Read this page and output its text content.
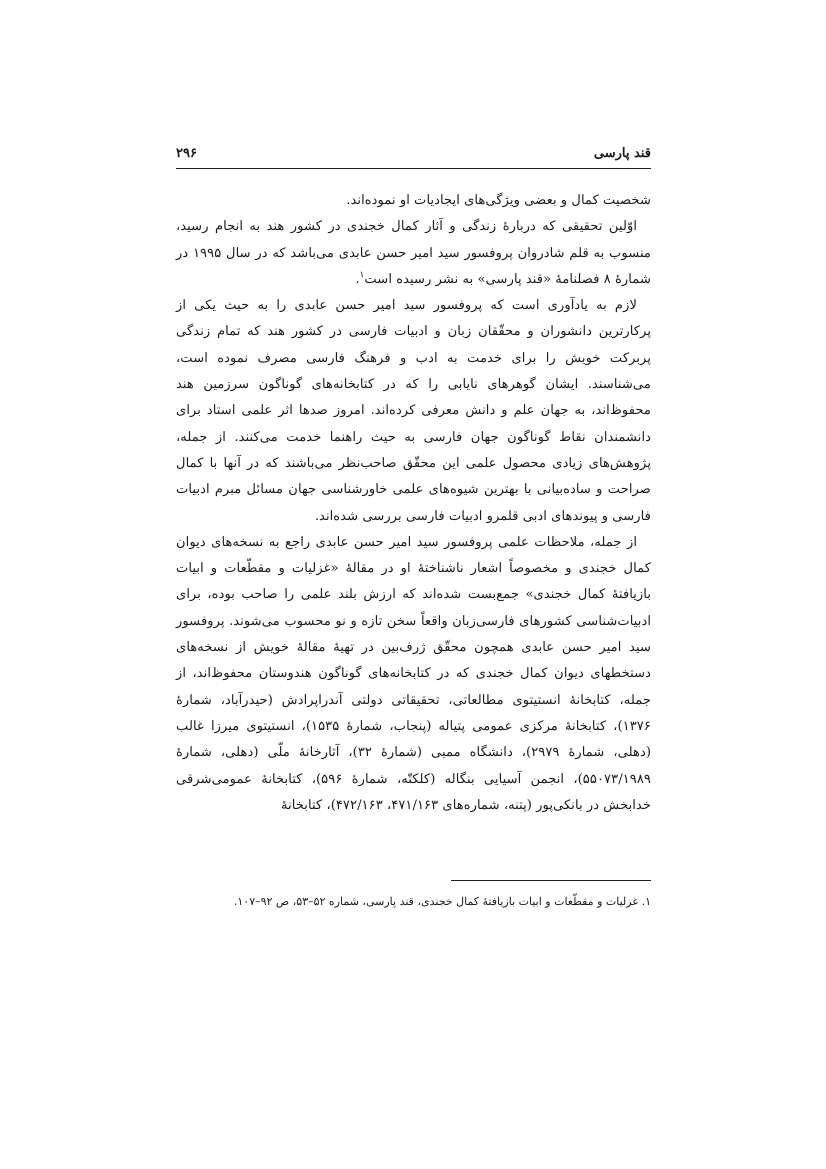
قند پارسی
۲۹۶

شخصیت کمال و بعضی ویژگی‌های ایجادیات او نموده‌اند.

اوّلین تحقیقی که دربارهٔ زندگی و آثار کمال خجندی در کشور هند به انجام رسید، منسوب به قلم شادروان پروفسور سید امیر حسن عابدی می‌باشد که در سال ۱۹۹۵ در شمارهٔ ۸ فصلنامهٔ «قند پارسی» به نشر رسیده است$^۱$.

لازم به یادآوری است که پروفسور سید امیر حسن عابدی را به حیث یکی از پرکارترین دانشوران و محقّقان زبان و ادبیات فارسی در کشور هند که تمام زندگی پربرکت خویش را برای خدمت به ادب و فرهنگ فارسی مصرف نموده است، می‌شناسند. ایشان گوهرهای نایابی را که در کتابخانه‌های گوناگون سرزمین هند محفوظ‌اند، به جهان علم و دانش معرفی کرده‌اند. امروز صدها اثر علمی استاد برای دانشمندان نقاط گوناگون جهان فارسی به حیث راهنما خدمت می‌کنند. از جمله، پژوهش‌های زیادی محصول علمی این محقّق صاحب‌نظر می‌باشند که در آنها با کمال صراحت و ساده‌بیانی با بهترین شیوه‌های علمی خاورشناسی جهان مسائل مبرم ادبیات فارسی و پیوندهای ادبی قلمرو ادبیات فارسی بررسی شده‌اند.

از جمله، ملاحظات علمی پروفسور سید امیر حسن عابدی راجع به نسخه‌های دیوان کمال خجندی و مخصوصاً اشعار ناشناختهٔ او در مقالهٔ «غزلیات و مقطّعات و ابیات بازیافتهٔ کمال خجندی» جمع‌بست شده‌اند که ارزش بلند علمی را صاحب بوده، برای ادبیات‌شناسی کشورهای فارسی‌زبان واقعاً سخن تازه و نو محسوب می‌شوند. پروفسور سید امیر حسن عابدی همچون محقّق ژرف‌بین در تهیهٔ مقالهٔ خویش از نسخه‌های دستخطهای دیوان کمال خجندی که در کتابخانه‌های گوناگون هندوستان محفوظ‌اند، از جمله، کتابخانهٔ انستیتوی مطالعاتی، تحقیقاتی دولتی آندراپرادش (حیدرآباد، شمارهٔ ۱۳۷۶)، کتابخانهٔ مرکزی عمومی پتیاله (پنجاب، شمارهٔ ۱۵۳۵)، انستیتوی میرزا غالب (دهلی، شمارهٔ ۲۹۷۹)، دانشگاه ممبی (شمارهٔ ۳۲)، آثارخانهٔ ملّی (دهلی، شمارهٔ ۵۵۰۷۳/۱۹۸۹)، انجمن آسیایی بنگاله (کلکتّه، شمارهٔ ۵۹۶)، کتابخانهٔ عمومی‌شرقی خدابخش در بانکی‌پور (پتنه، شماره‌های ۴۷۱/۱۶۳، ۴۷۲/۱۶۳)، کتابخانهٔ

۱. غزلیات و مقطّعات و ابیات بازیافتهٔ کمال خجندی، قند پارسی، شماره ۵۲–۵۳، ص ۹۲–۱۰۷.
